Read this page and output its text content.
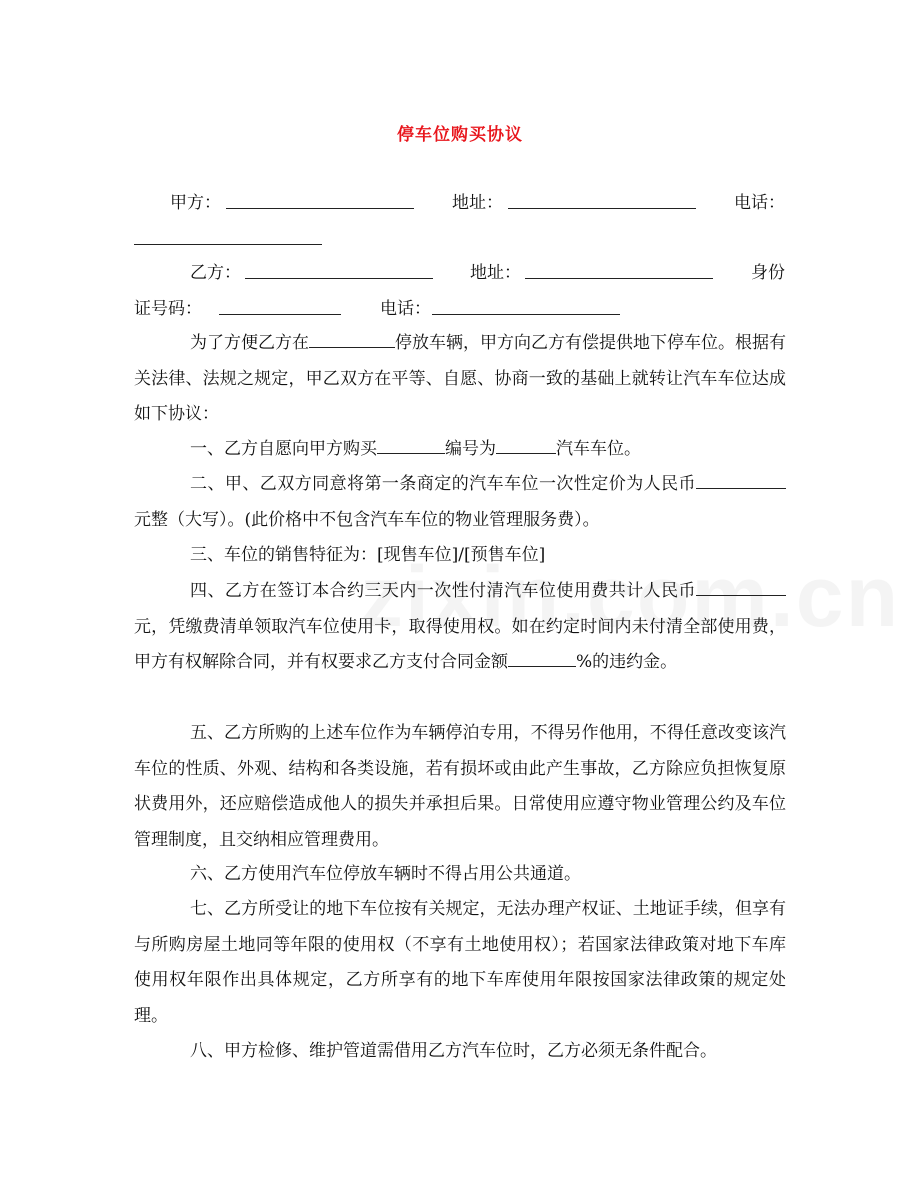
停车位购买协议
甲方：	地址：	电话：
乙方：	地址：	身份
证号码：	电话：
为了方便乙方在	停放车辆，甲方向乙方有偿提供地下停车位。根据有关法律、法规之规定，甲乙双方在平等、自愿、协商一致的基础上就转让汽车车位达成如下协议：
一、乙方自愿向甲方购买	编号为	汽车车位。
二、甲、乙双方同意将第一条商定的汽车车位一次性定价为人民币元整（大写）。(此价格中不包含汽车车位的物业管理服务费）。
三、车位的销售特征为：[现售车位]/[预售车位]
四、乙方在签订本合约三天内一次性付清汽车位使用费共计人民币元，凭缴费清单领取汽车位使用卡，取得使用权。如在约定时间内未付清全部使用费，甲方有权解除合同，并有权要求乙方支付合同金额	%的违约金。
五、乙方所购的上述车位作为车辆停泊专用，不得另作他用，不得任意改变该汽车位的性质、外观、结构和各类设施，若有损坏或由此产生事故，乙方除应负担恢复原状费用外，还应赔偿造成他人的损失并承担后果。日常使用应遵守物业管理公约及车位管理制度，且交纳相应管理费用。
六、乙方使用汽车位停放车辆时不得占用公共通道。
七、乙方所受让的地下车位按有关规定，无法办理产权证、土地证手续，但享有与所购房屋土地同等年限的使用权（不享有土地使用权）；若国家法律政策对地下车库使用权年限作出具体规定，乙方所享有的地下车库使用年限按国家法律政策的规定处理。
八、甲方检修、维护管道需借用乙方汽车位时，乙方必须无条件配合。
